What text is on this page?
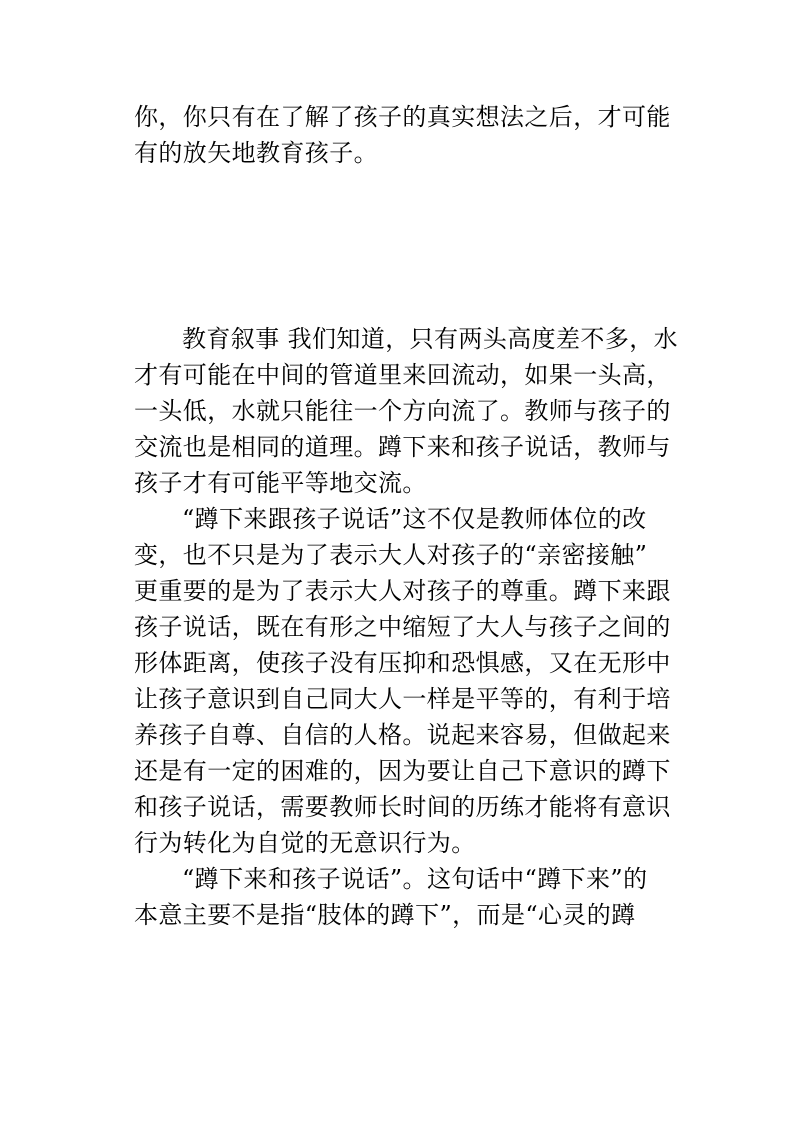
你，你只有在了解了孩子的真实想法之后，才可能
有的放矢地教育孩子。
教育叙事 我们知道，只有两头高度差不多，水
才有可能在中间的管道里来回流动，如果一头高，
一头低，水就只能往一个方向流了。教师与孩子的
交流也是相同的道理。蹲下来和孩子说话，教师与
孩子才有可能平等地交流。
“蹲下来跟孩子说话”这不仅是教师体位的改
变，也不只是为了表示大人对孩子的“亲密接触”
更重要的是为了表示大人对孩子的尊重。蹲下来跟
孩子说话，既在有形之中缩短了大人与孩子之间的
形体距离，使孩子没有压抑和恐惧感，又在无形中
让孩子意识到自己同大人一样是平等的，有利于培
养孩子自尊、自信的人格。说起来容易，但做起来
还是有一定的困难的，因为要让自己下意识的蹲下
和孩子说话，需要教师长时间的历练才能将有意识
行为转化为自觉的无意识行为。
“蹲下来和孩子说话”。这句话中“蹲下来”的
本意主要不是指“肢体的蹲下”，而是“心灵的蹲
